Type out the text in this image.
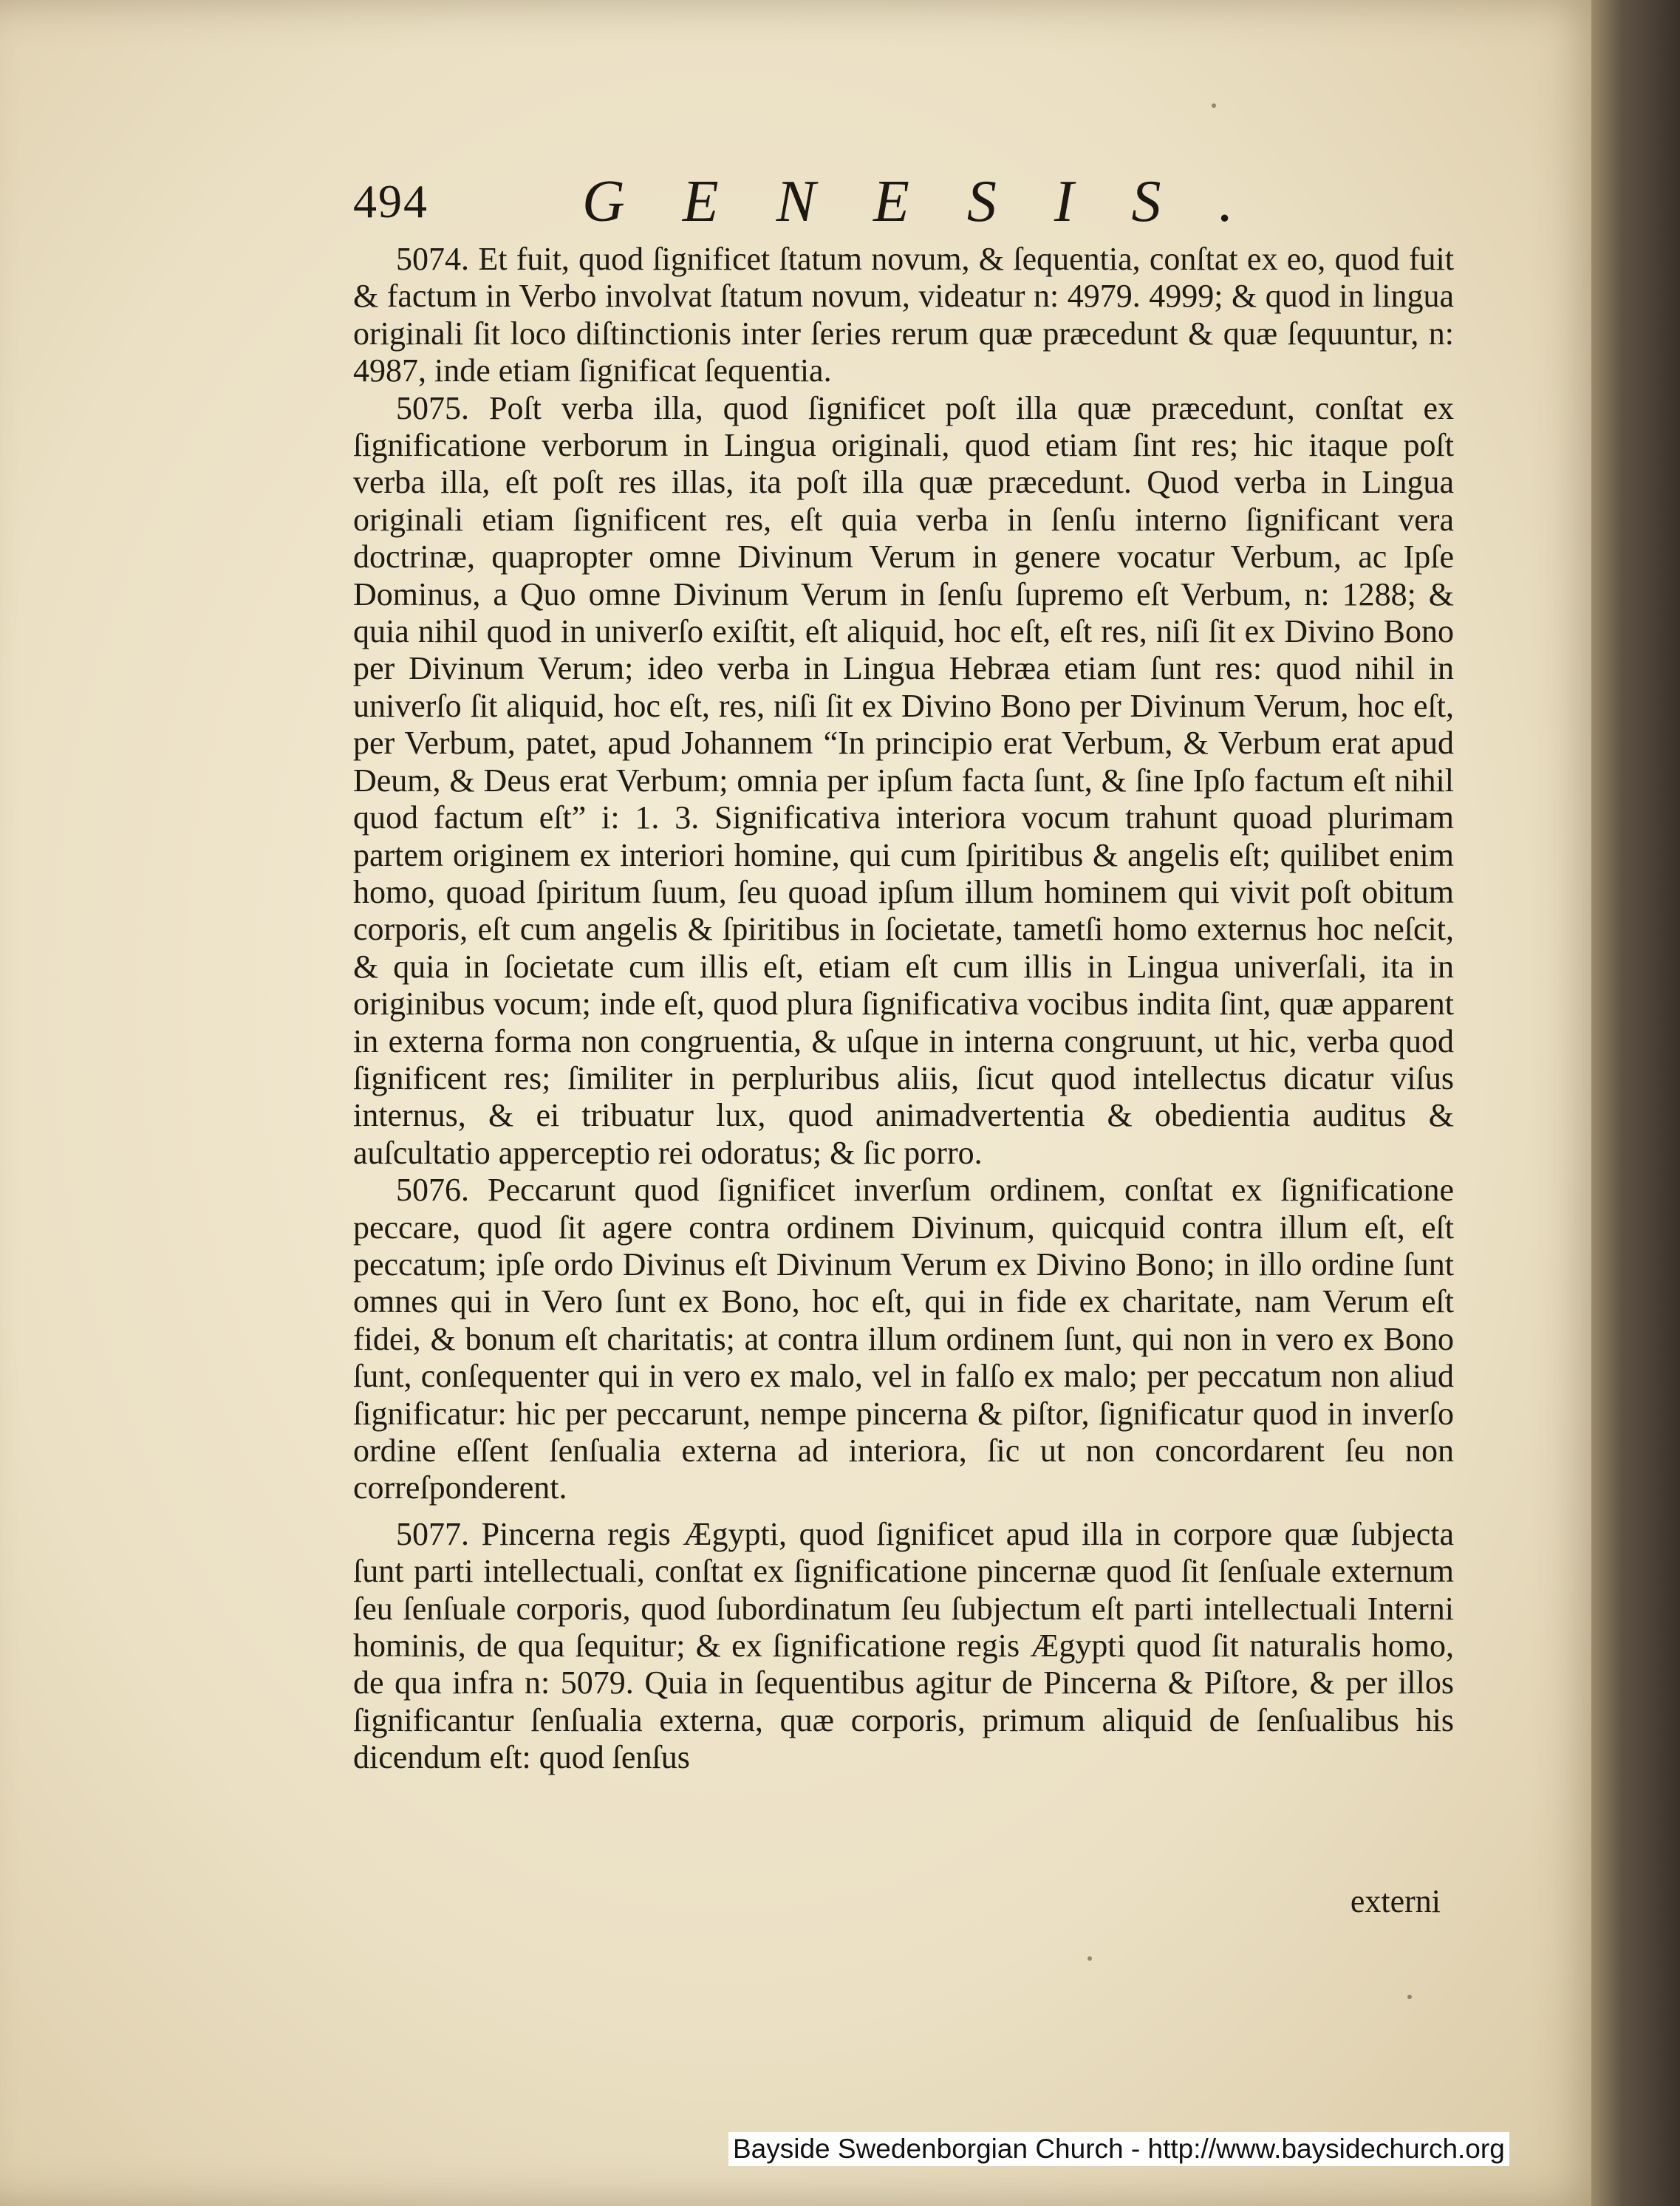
494	GENESIS.

5074. Et fuit, quod ſignificet ſtatum novum, & ſequentia, conſtat ex eo, quod fuit & factum in Verbo involvat ſtatum novum, videatur n: 4979. 4999; & quod in lingua originali ſit loco diſtinctionis inter ſeries rerum quæ præcedunt & quæ ſequuntur, n: 4987, inde etiam ſignificat ſequentia.

5075. Poſt verba illa, quod ſignificet poſt illa quæ præcedunt, conſtat ex ſignificatione verborum in Lingua originali, quod etiam ſint res; hic itaque poſt verba illa, eſt poſt res illas, ita poſt illa quæ præcedunt. Quod verba in Lingua originali etiam ſignificent res, eſt quia verba in ſenſu interno ſignificant vera doctrinæ, quapropter omne Divinum Verum in genere vocatur Verbum, ac Ipſe Dominus, a Quo omne Divinum Verum in ſenſu ſupremo eſt Verbum, n: 1288; & quia nihil quod in univerſo exiſtit, eſt aliquid, hoc eſt, eſt res, niſi ſit ex Divino Bono per Divinum Verum; ideo verba in Lingua Hebræa etiam ſunt res: quod nihil in univerſo ſit aliquid, hoc eſt, res, niſi ſit ex Divino Bono per Divinum Verum, hoc eſt, per Verbum, patet, apud Johannem “In principio erat Verbum, & Verbum erat apud Deum, & Deus erat Verbum; omnia per ipſum facta ſunt, & ſine Ipſo factum eſt nihil quod factum eſt” i: 1. 3. Significativa interiora vocum trahunt quoad plurimam partem originem ex interiori homine, qui cum ſpiritibus & angelis eſt; quilibet enim homo, quoad ſpiritum ſuum, ſeu quoad ipſum illum hominem qui vivit poſt obitum corporis, eſt cum angelis & ſpiritibus in ſocietate, tametſi homo externus hoc neſcit, & quia in ſocietate cum illis eſt, etiam eſt cum illis in Lingua univerſali, ita in originibus vocum; inde eſt, quod plura ſignificativa vocibus indita ſint, quæ apparent in externa forma non congruentia, & uſque in interna congruunt, ut hic, verba quod ſignificent res; ſimiliter in perpluribus aliis, ſicut quod intellectus dicatur viſus internus, & ei tribuatur lux, quod animadvertentia & obedientia auditus & auſcultatio apperceptio rei odoratus; & ſic porro.

5076. Peccarunt quod ſignificet inverſum ordinem, conſtat ex ſignificatione peccare, quod ſit agere contra ordinem Divinum, quicquid contra illum eſt, eſt peccatum; ipſe ordo Divinus eſt Divinum Verum ex Divino Bono; in illo ordine ſunt omnes qui in Vero ſunt ex Bono, hoc eſt, qui in fide ex charitate, nam Verum eſt fidei, & bonum eſt charitatis; at contra illum ordinem ſunt, qui non in vero ex Bono ſunt, conſequenter qui in vero ex malo, vel in falſo ex malo; per peccatum non aliud ſignificatur: hic per peccarunt, nempe pincerna & piſtor, ſignificatur quod in inverſo ordine eſſent ſenſualia externa ad interiora, ſic ut non concordarent ſeu non correſponderent.

5077. Pincerna regis Ægypti, quod ſignificet apud illa in corpore quæ ſubjecta ſunt parti intellectuali, conſtat ex ſignificatione pincernæ quod ſit ſenſuale externum ſeu ſenſuale corporis, quod ſubordinatum ſeu ſubjectum eſt parti intellectuali Interni hominis, de qua ſequitur; & ex ſignificatione regis Ægypti quod ſit naturalis homo, de qua infra n: 5079. Quia in ſequentibus agitur de Pincerna & Piſtore, & per illos ſignificantur ſenſualia externa, quæ corporis, primum aliquid de ſenſualibus his dicendum eſt: quod ſenſus

externi
Bayside Swedenborgian Church - http://www.baysidechurch.org
